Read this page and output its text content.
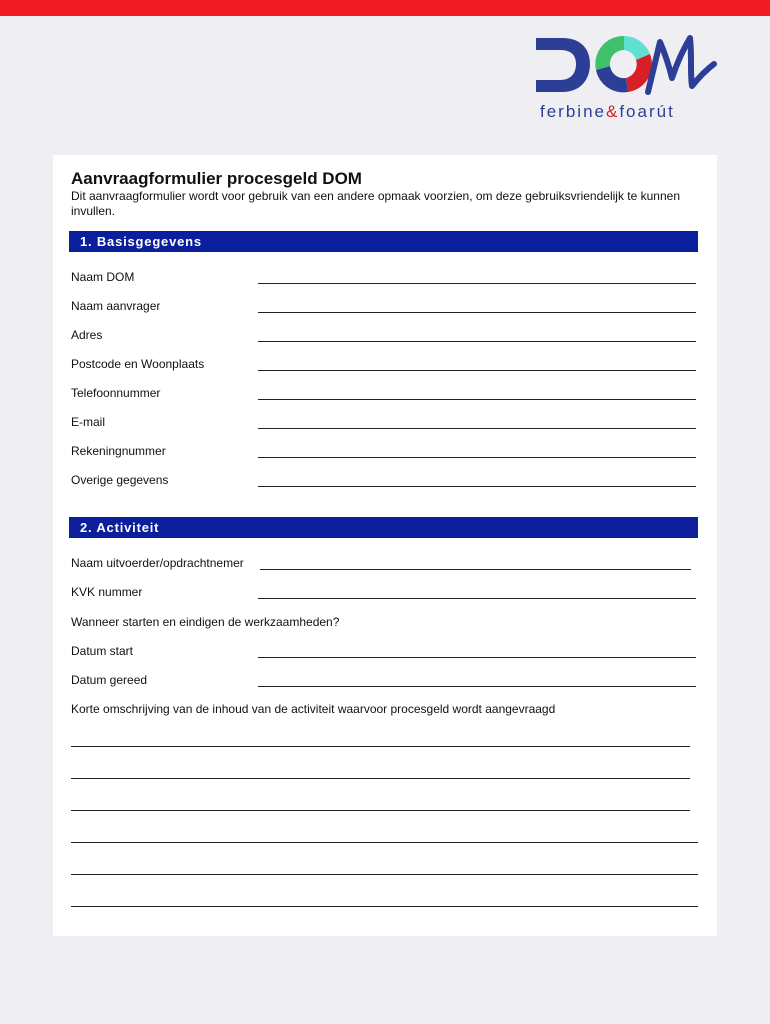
ferbine&foarút
Aanvraagformulier procesgeld DOM
Dit aanvraagformulier wordt voor gebruik van een andere opmaak voorzien, om deze gebruiksvriendelijk te kunnen invullen.
1. Basisgegevens
Naam DOM
Naam aanvrager
Adres
Postcode en Woonplaats
Telefoonnummer
E-mail
Rekeningnummer
Overige gegevens
2. Activiteit
Naam uitvoerder/opdrachtnemer
KVK nummer
Wanneer starten en eindigen de werkzaamheden?
Datum start
Datum gereed
Korte omschrijving van de inhoud van de activiteit waarvoor procesgeld wordt aangevraagd
